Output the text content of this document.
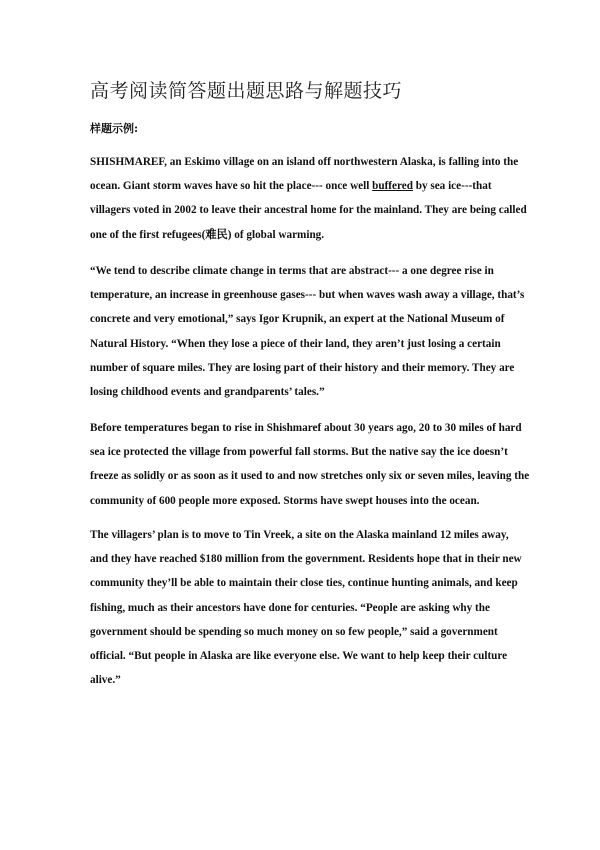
高考阅读简答题出题思路与解题技巧
样题示例:

SHISHMAREF, an Eskimo village on an island off northwestern Alaska, is falling into the
ocean. Giant storm waves have so hit the place--- once well buffered by sea ice---that
villagers voted in 2002 to leave their ancestral home for the mainland. They are being called
one of the first refugees(难民) of global warming.

“We tend to describe climate change in terms that are abstract--- a one degree rise in
temperature, an increase in greenhouse gases--- but when waves wash away a village, that’s
concrete and very emotional,” says Igor Krupnik, an expert at the National Museum of
Natural History. “When they lose a piece of their land, they aren’t just losing a certain
number of square miles. They are losing part of their history and their memory. They are
losing childhood events and grandparents’ tales.”

Before temperatures began to rise in Shishmaref about 30 years ago, 20 to 30 miles of hard
sea ice protected the village from powerful fall storms. But the native say the ice doesn’t
freeze as solidly or as soon as it used to and now stretches only six or seven miles, leaving the
community of 600 people more exposed. Storms have swept houses into the ocean.

The villagers’ plan is to move to Tin Vreek, a site on the Alaska mainland 12 miles away,
and they have reached $180 million from the government. Residents hope that in their new
community they’ll be able to maintain their close ties, continue hunting animals, and keep
fishing, much as their ancestors have done for centuries. “People are asking why the
government should be spending so much money on so few people,” said a government
official. “But people in Alaska are like everyone else. We want to help keep their culture
alive.”
